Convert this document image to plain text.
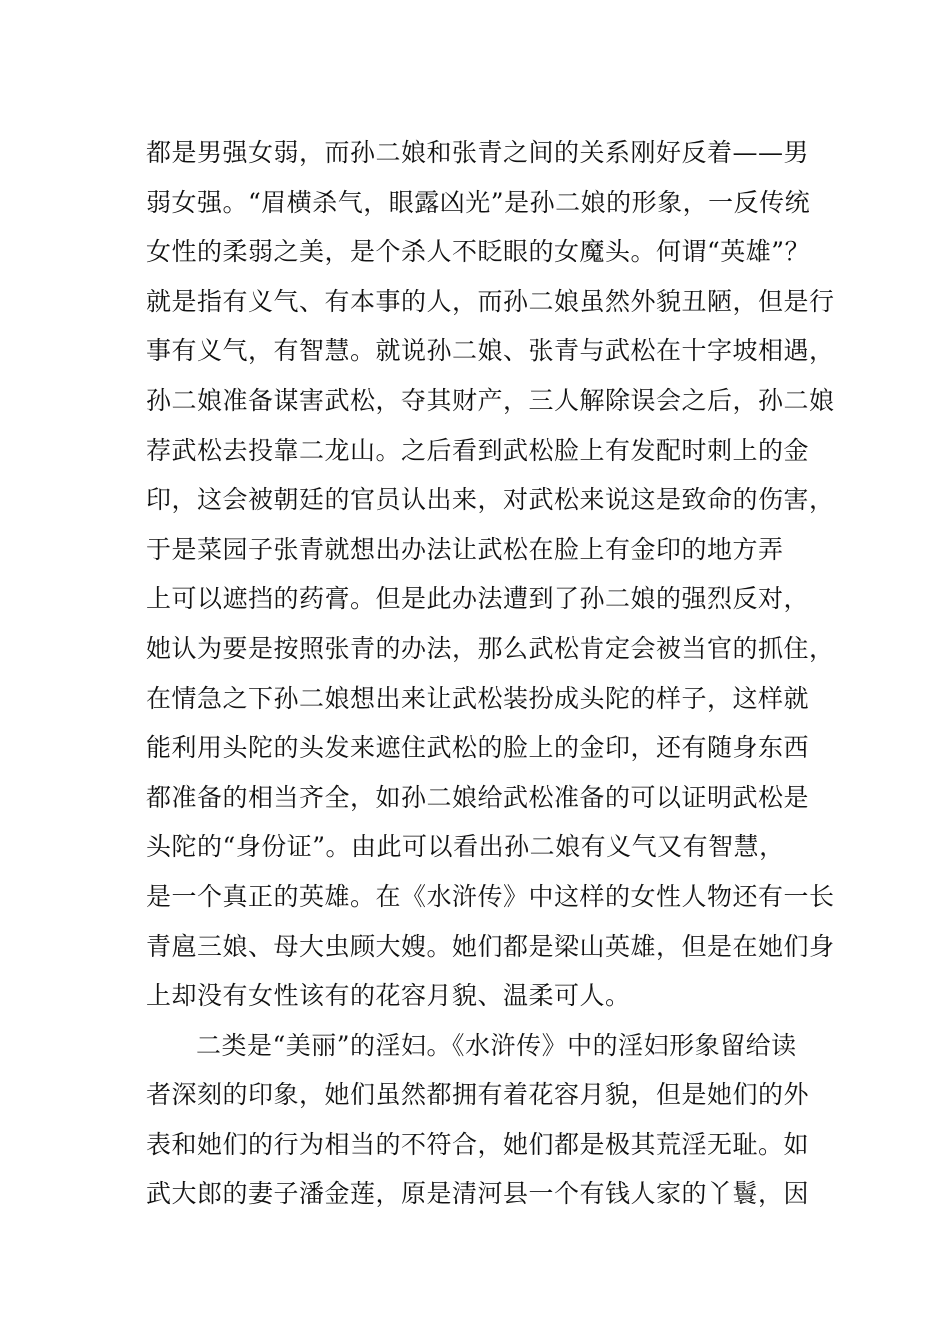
都是男强女弱，而孙二娘和张青之间的关系刚好反着——男
弱女强。“眉横杀气，眼露凶光”是孙二娘的形象，一反传统
女性的柔弱之美，是个杀人不眨眼的女魔头。何谓“英雄”？
就是指有义气、有本事的人，而孙二娘虽然外貌丑陋，但是行
事有义气，有智慧。就说孙二娘、张青与武松在十字坡相遇，
孙二娘准备谋害武松，夺其财产，三人解除误会之后，孙二娘
荐武松去投靠二龙山。之后看到武松脸上有发配时刺上的金
印，这会被朝廷的官员认出来，对武松来说这是致命的伤害，
于是菜园子张青就想出办法让武松在脸上有金印的地方弄
上可以遮挡的药膏。但是此办法遭到了孙二娘的强烈反对，
她认为要是按照张青的办法，那么武松肯定会被当官的抓住，
在情急之下孙二娘想出来让武松装扮成头陀的样子，这样就
能利用头陀的头发来遮住武松的脸上的金印，还有随身东西
都准备的相当齐全，如孙二娘给武松准备的可以证明武松是
头陀的“身份证”。由此可以看出孙二娘有义气又有智慧，
是一个真正的英雄。在《水浒传》中这样的女性人物还有一长
青扈三娘、母大虫顾大嫂。她们都是梁山英雄，但是在她们身
上却没有女性该有的花容月貌、温柔可人。
二类是“美丽”的淫妇。《水浒传》中的淫妇形象留给读
者深刻的印象，她们虽然都拥有着花容月貌，但是她们的外
表和她们的行为相当的不符合，她们都是极其荒淫无耻。如
武大郎的妻子潘金莲，原是清河县一个有钱人家的丫鬟，因
